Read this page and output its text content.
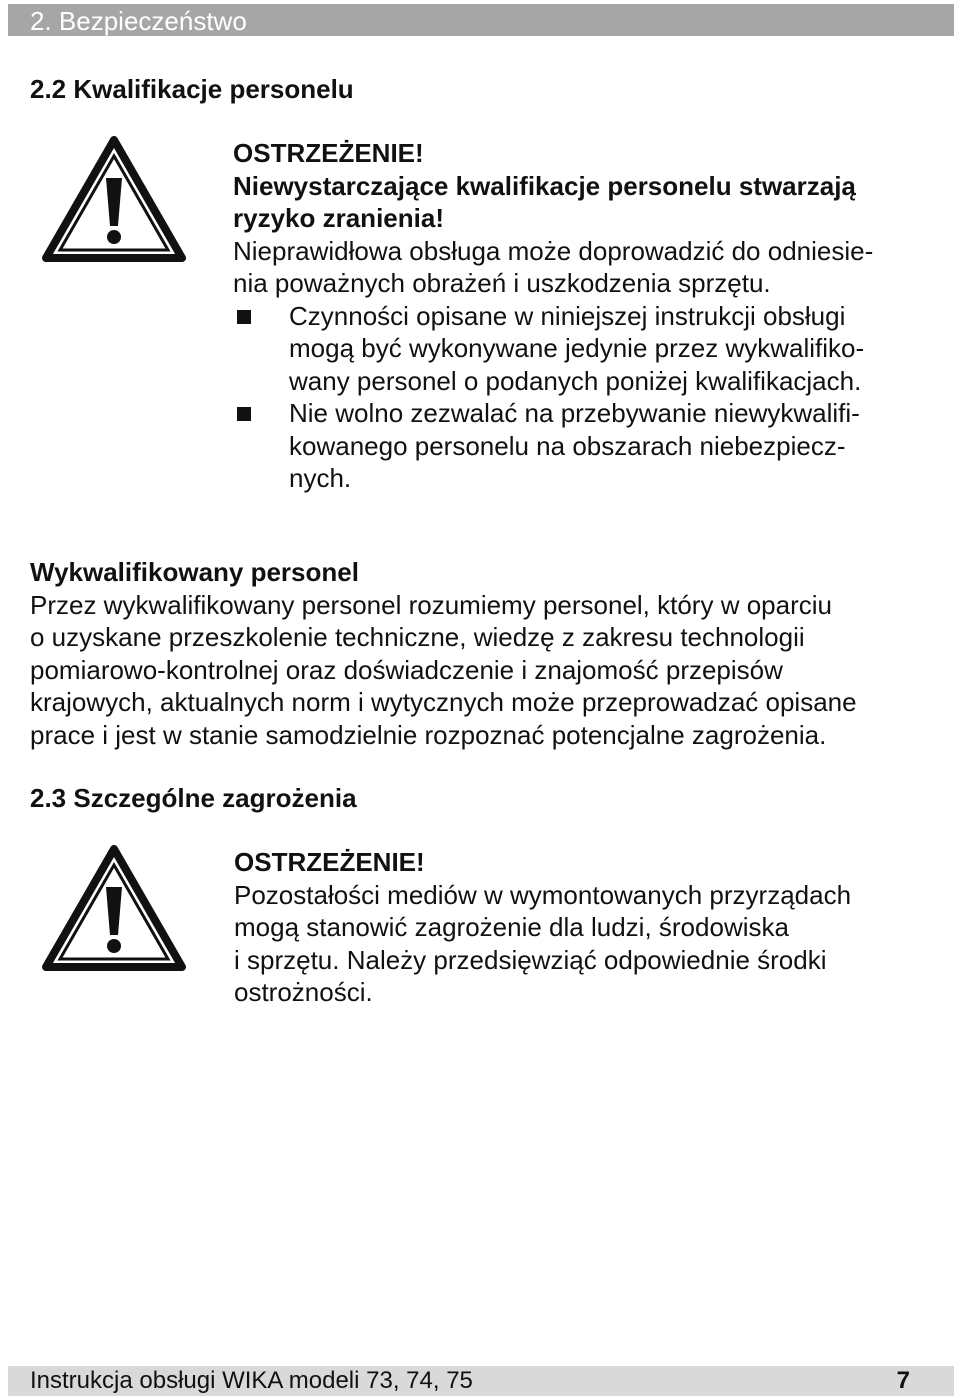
2. Bezpieczeństwo
2.2 Kwalifikacje personelu
OSTRZEŻENIE!
Niewystarczające kwalifikacje personelu stwarzają
ryzyko zranienia!
Nieprawidłowa obsługa może doprowadzić do odniesie-
nia poważnych obrażeń i uszkodzenia sprzętu.
Czynności opisane w niniejszej instrukcji obsługi
mogą być wykonywane jedynie przez wykwalifiko-
wany personel o podanych poniżej kwalifikacjach.
Nie wolno zezwalać na przebywanie niewykwalifi-
kowanego personelu na obszarach niebezpiecz-
nych.
Wykwalifikowany personel
Przez wykwalifikowany personel rozumiemy personel, który w oparciu
o uzyskane przeszkolenie techniczne, wiedzę z zakresu technologii
pomiarowo-kontrolnej oraz doświadczenie i znajomość przepisów
krajowych, aktualnych norm i wytycznych może przeprowadzać opisane
prace i jest w stanie samodzielnie rozpoznać potencjalne zagrożenia.
2.3 Szczególne zagrożenia
OSTRZEŻENIE!
Pozostałości mediów w wymontowanych przyrządach
mogą stanowić zagrożenie dla ludzi, środowiska
i sprzętu. Należy przedsięwziąć odpowiednie środki
ostrożności.
Instrukcja obsługi WIKA modeli 73, 74, 75	7
